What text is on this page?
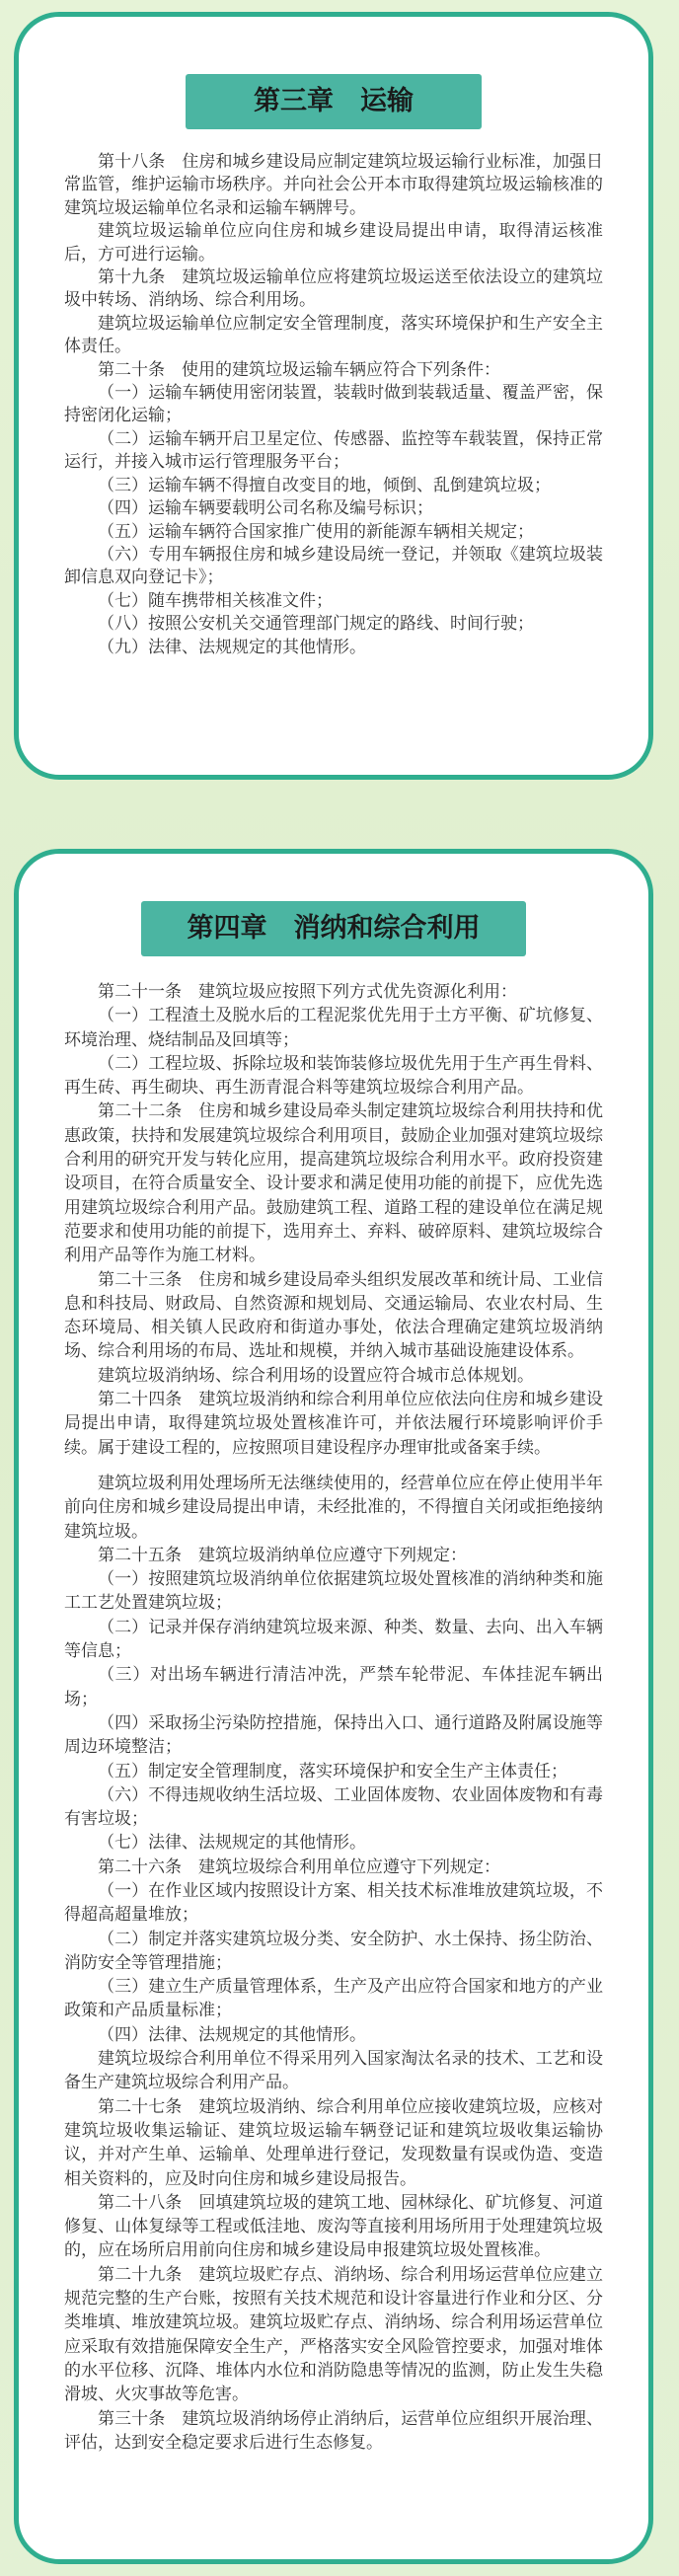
第三章　运输

第十八条　住房和城乡建设局应制定建筑垃圾运输行业标准，加强日常监管，维护运输市场秩序。并向社会公开本市取得建筑垃圾运输核准的建筑垃圾运输单位名录和运输车辆牌号。

建筑垃圾运输单位应向住房和城乡建设局提出申请，取得清运核准后，方可进行运输。

第十九条　建筑垃圾运输单位应将建筑垃圾运送至依法设立的建筑垃圾中转场、消纳场、综合利用场。

建筑垃圾运输单位应制定安全管理制度，落实环境保护和生产安全主体责任。

第二十条　使用的建筑垃圾运输车辆应符合下列条件：

（一）运输车辆使用密闭装置，装载时做到装载适量、覆盖严密，保持密闭化运输；

（二）运输车辆开启卫星定位、传感器、监控等车载装置，保持正常运行，并接入城市运行管理服务平台；

（三）运输车辆不得擅自改变目的地，倾倒、乱倒建筑垃圾；

（四）运输车辆要载明公司名称及编号标识；

（五）运输车辆符合国家推广使用的新能源车辆相关规定；

（六）专用车辆报住房和城乡建设局统一登记，并领取《建筑垃圾装卸信息双向登记卡》；

（七）随车携带相关核准文件；

（八）按照公安机关交通管理部门规定的路线、时间行驶；

（九）法律、法规规定的其他情形。

第四章　消纳和综合利用

第二十一条　建筑垃圾应按照下列方式优先资源化利用：

（一）工程渣土及脱水后的工程泥浆优先用于土方平衡、矿坑修复、环境治理、烧结制品及回填等；

（二）工程垃圾、拆除垃圾和装饰装修垃圾优先用于生产再生骨料、再生砖、再生砌块、再生沥青混合料等建筑垃圾综合利用产品。

第二十二条　住房和城乡建设局牵头制定建筑垃圾综合利用扶持和优惠政策，扶持和发展建筑垃圾综合利用项目，鼓励企业加强对建筑垃圾综合利用的研究开发与转化应用，提高建筑垃圾综合利用水平。政府投资建设项目，在符合质量安全、设计要求和满足使用功能的前提下，应优先选用建筑垃圾综合利用产品。鼓励建筑工程、道路工程的建设单位在满足规范要求和使用功能的前提下，选用弃土、弃料、破碎原料、建筑垃圾综合利用产品等作为施工材料。

第二十三条　住房和城乡建设局牵头组织发展改革和统计局、工业信息和科技局、财政局、自然资源和规划局、交通运输局、农业农村局、生态环境局、相关镇人民政府和街道办事处，依法合理确定建筑垃圾消纳场、综合利用场的布局、选址和规模，并纳入城市基础设施建设体系。

建筑垃圾消纳场、综合利用场的设置应符合城市总体规划。

第二十四条　建筑垃圾消纳和综合利用单位应依法向住房和城乡建设局提出申请，取得建筑垃圾处置核准许可，并依法履行环境影响评价手续。属于建设工程的，应按照项目建设程序办理审批或备案手续。

建筑垃圾利用处理场所无法继续使用的，经营单位应在停止使用半年前向住房和城乡建设局提出申请，未经批准的，不得擅自关闭或拒绝接纳建筑垃圾。

第二十五条　建筑垃圾消纳单位应遵守下列规定：

（一）按照建筑垃圾消纳单位依据建筑垃圾处置核准的消纳种类和施工工艺处置建筑垃圾；

（二）记录并保存消纳建筑垃圾来源、种类、数量、去向、出入车辆等信息；

（三）对出场车辆进行清洁冲洗，严禁车轮带泥、车体挂泥车辆出场；

（四）采取扬尘污染防控措施，保持出入口、通行道路及附属设施等周边环境整洁；

（五）制定安全管理制度，落实环境保护和安全生产主体责任；

（六）不得违规收纳生活垃圾、工业固体废物、农业固体废物和有毒有害垃圾；

（七）法律、法规规定的其他情形。

第二十六条　建筑垃圾综合利用单位应遵守下列规定：

（一）在作业区域内按照设计方案、相关技术标准堆放建筑垃圾，不得超高超量堆放；

（二）制定并落实建筑垃圾分类、安全防护、水土保持、扬尘防治、消防安全等管理措施；

（三）建立生产质量管理体系，生产及产出应符合国家和地方的产业政策和产品质量标准；

（四）法律、法规规定的其他情形。

建筑垃圾综合利用单位不得采用列入国家淘汰名录的技术、工艺和设备生产建筑垃圾综合利用产品。

第二十七条　建筑垃圾消纳、综合利用单位应接收建筑垃圾，应核对建筑垃圾收集运输证、建筑垃圾运输车辆登记证和建筑垃圾收集运输协议，并对产生单、运输单、处理单进行登记，发现数量有误或伪造、变造相关资料的，应及时向住房和城乡建设局报告。

第二十八条　回填建筑垃圾的建筑工地、园林绿化、矿坑修复、河道修复、山体复绿等工程或低洼地、废沟等直接利用场所用于处理建筑垃圾的，应在场所启用前向住房和城乡建设局申报建筑垃圾处置核准。

第二十九条　建筑垃圾贮存点、消纳场、综合利用场运营单位应建立规范完整的生产台账，按照有关技术规范和设计容量进行作业和分区、分类堆填、堆放建筑垃圾。建筑垃圾贮存点、消纳场、综合利用场运营单位应采取有效措施保障安全生产，严格落实安全风险管控要求，加强对堆体的水平位移、沉降、堆体内水位和消防隐患等情况的监测，防止发生失稳滑坡、火灾事故等危害。

第三十条　建筑垃圾消纳场停止消纳后，运营单位应组织开展治理、评估，达到安全稳定要求后进行生态修复。
